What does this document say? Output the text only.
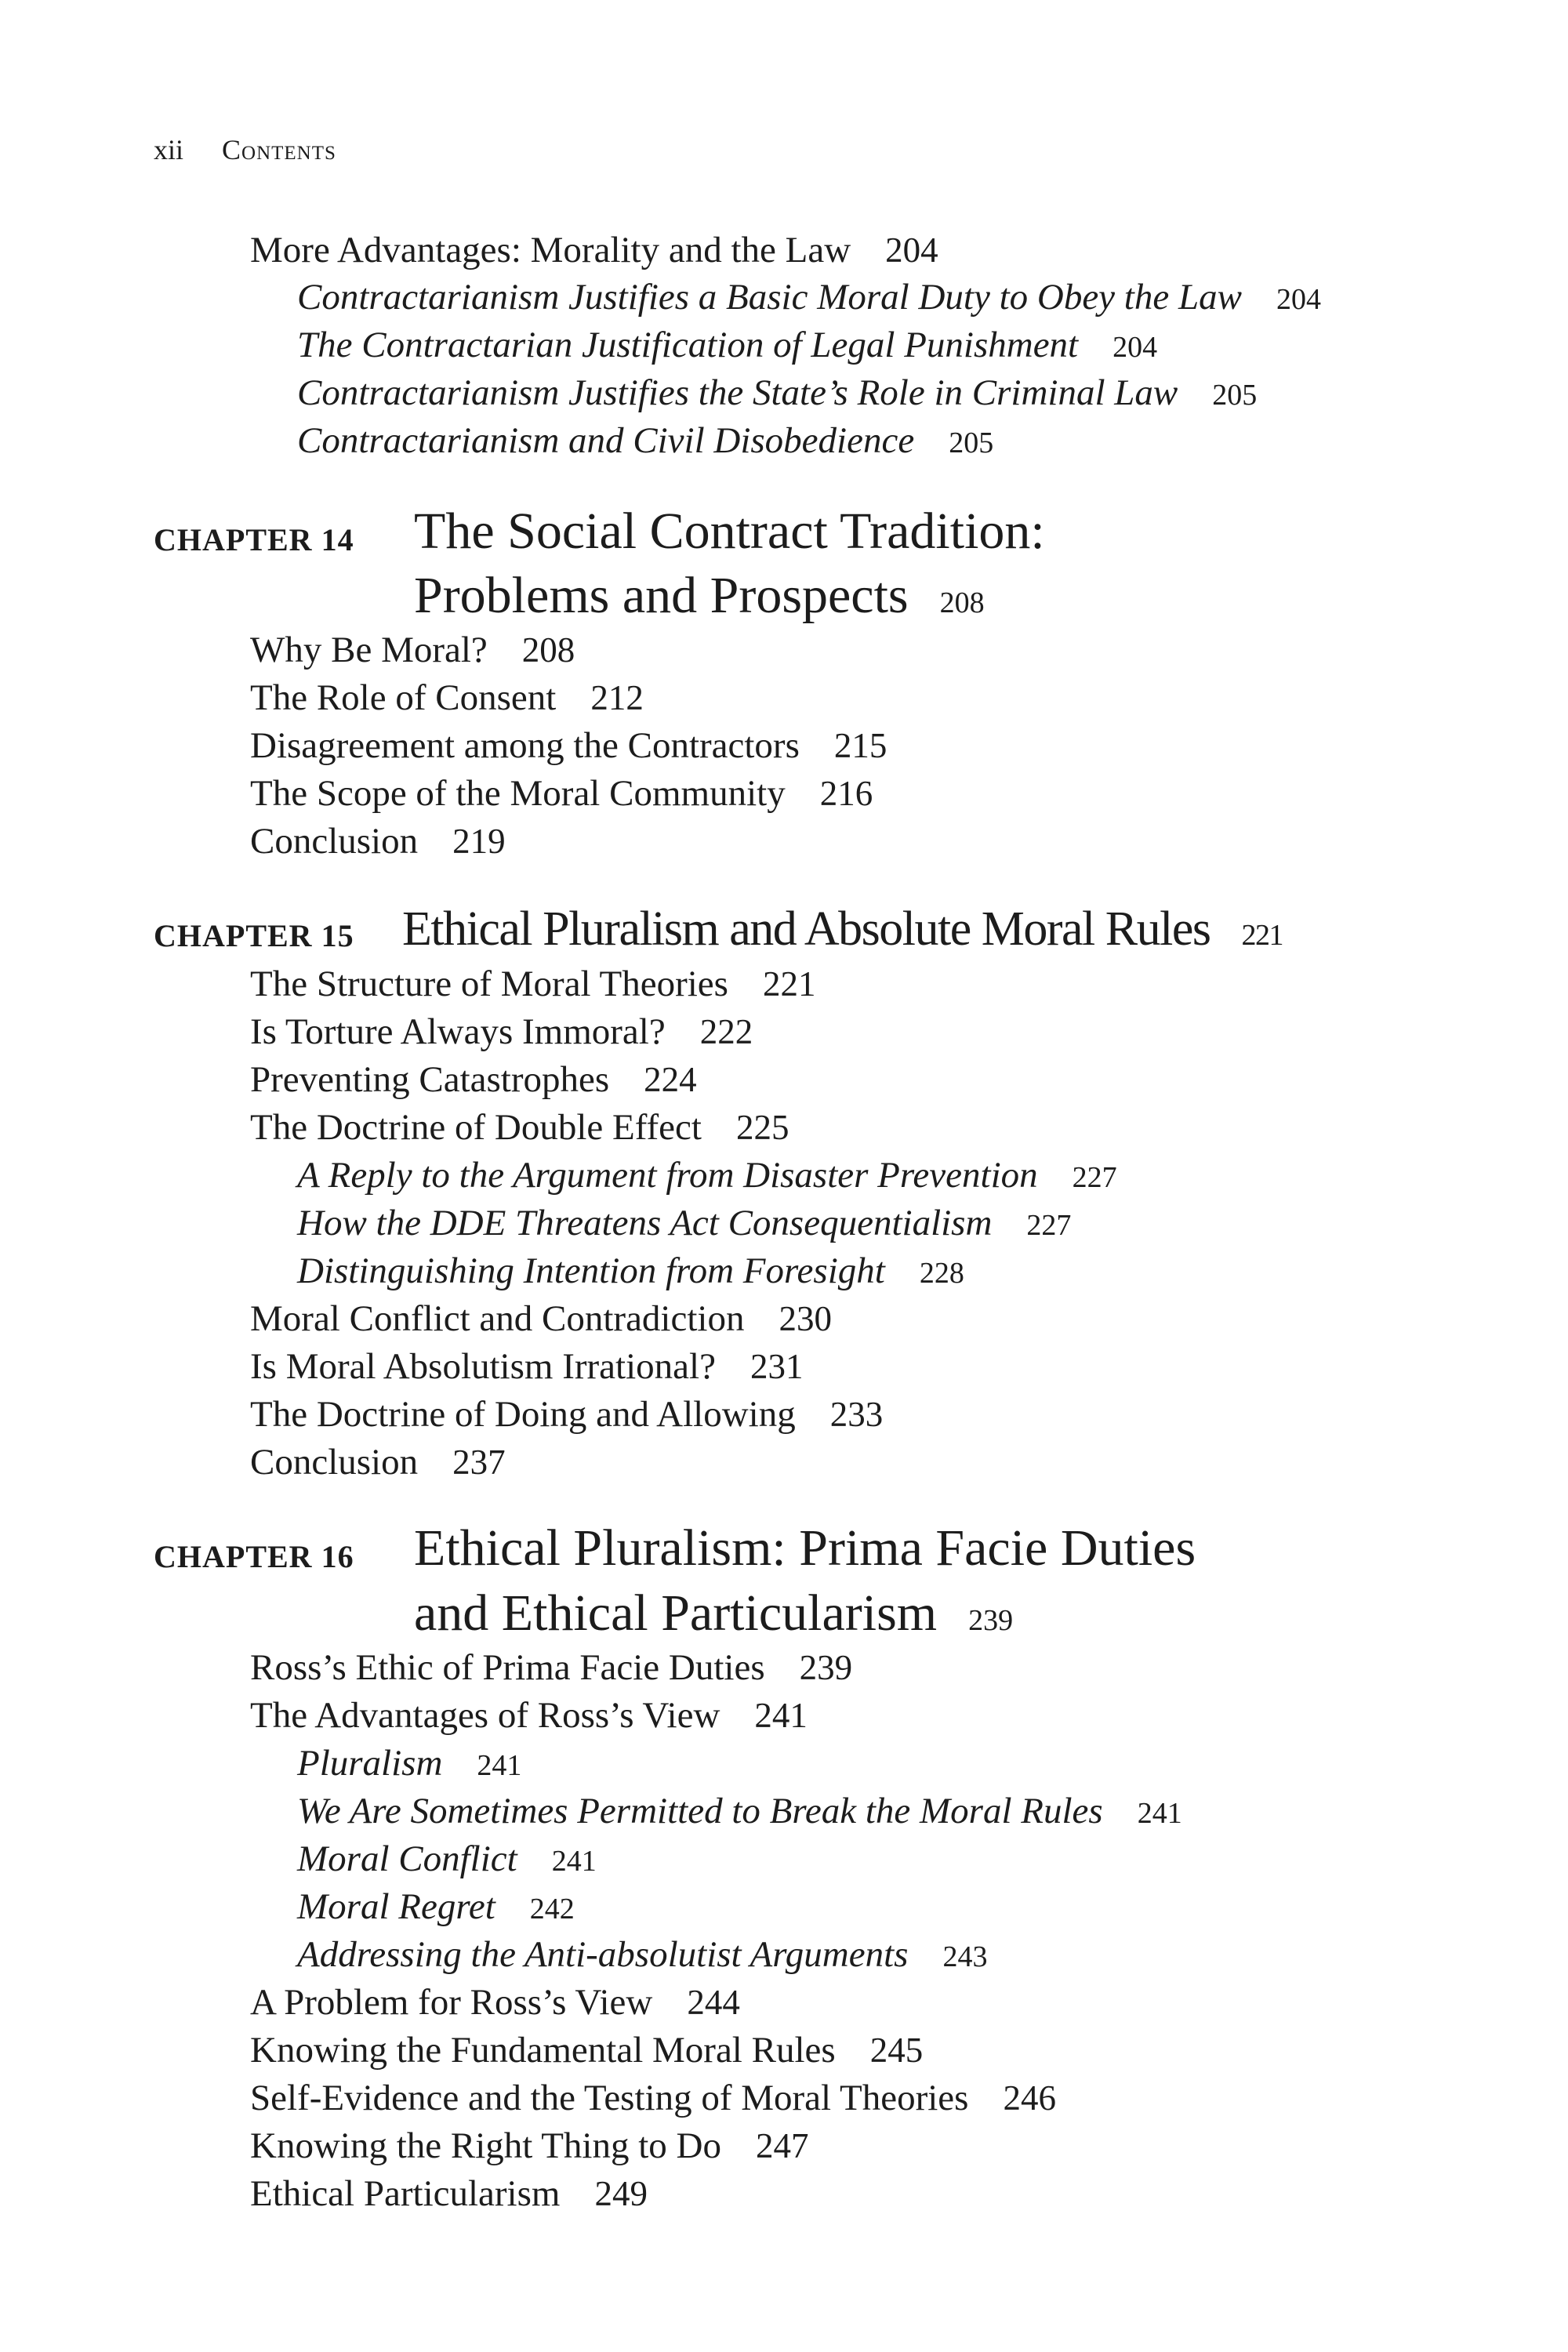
xii Contents
More Advantages: Morality and the Law 204
Contractarianism Justifies a Basic Moral Duty to Obey the Law 204
The Contractarian Justification of Legal Punishment 204
Contractarianism Justifies the State’s Role in Criminal Law 205
Contractarianism and Civil Disobedience 205
CHAPTER 14 The Social Contract Tradition:
Problems and Prospects 208
Why Be Moral? 208
The Role of Consent 212
Disagreement among the Contractors 215
The Scope of the Moral Community 216
Conclusion 219
CHAPTER 15 Ethical Pluralism and Absolute Moral Rules 221
The Structure of Moral Theories 221
Is Torture Always Immoral? 222
Preventing Catastrophes 224
The Doctrine of Double Effect 225
A Reply to the Argument from Disaster Prevention 227
How the DDE Threatens Act Consequentialism 227
Distinguishing Intention from Foresight 228
Moral Conflict and Contradiction 230
Is Moral Absolutism Irrational? 231
The Doctrine of Doing and Allowing 233
Conclusion 237
CHAPTER 16 Ethical Pluralism: Prima Facie Duties
and Ethical Particularism 239
Ross’s Ethic of Prima Facie Duties 239
The Advantages of Ross’s View 241
Pluralism 241
We Are Sometimes Permitted to Break the Moral Rules 241
Moral Conflict 241
Moral Regret 242
Addressing the Anti-absolutist Arguments 243
A Problem for Ross’s View 244
Knowing the Fundamental Moral Rules 245
Self-Evidence and the Testing of Moral Theories 246
Knowing the Right Thing to Do 247
Ethical Particularism 249
